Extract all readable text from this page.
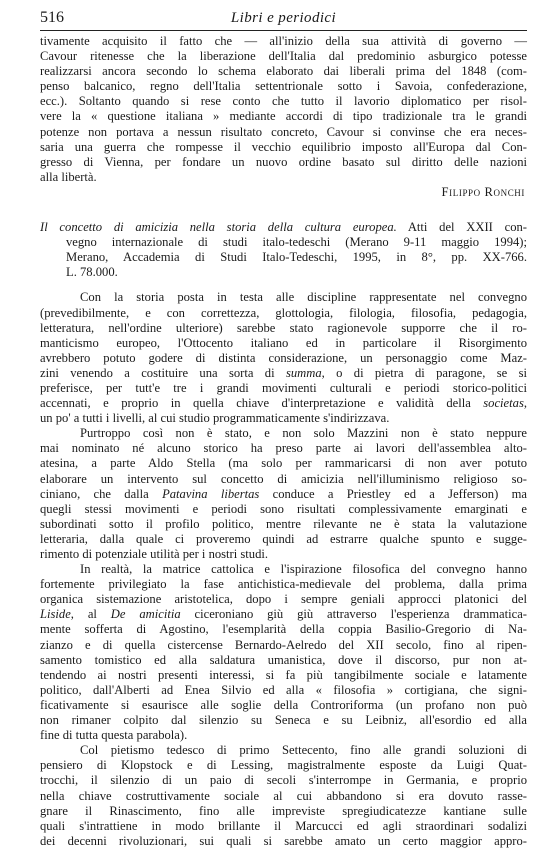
516	Libri e periodici
tivamente acquisito il fatto che — all'inizio della sua attività di governo —
Cavour ritenesse che la liberazione dell'Italia dal predominio asburgico potesse
realizzarsi ancora secondo lo schema elaborato dai liberali prima del 1848 (com-
penso balcanico, regno dell'Italia settentrionale sotto i Savoia, confederazione,
ecc.). Soltanto quando si rese conto che tutto il lavorio diplomatico per risol-
vere la « questione italiana » mediante accordi di tipo tradizionale tra le grandi
potenze non portava a nessun risultato concreto, Cavour si convinse che era neces-
saria una guerra che rompesse il vecchio equilibrio imposto all'Europa dal Con-
gresso di Vienna, per fondare un nuovo ordine basato sul diritto delle nazioni
alla libertà.
Filippo Ronchi
Il concetto di amicizia nella storia della cultura europea. Atti del XXII con-
vegno internazionale di studi italo-tedeschi (Merano 9-11 maggio 1994);
Merano, Accademia di Studi Italo-Tedeschi, 1995, in 8°, pp. XX-766.
L. 78.000.
Con la storia posta in testa alle discipline rappresentate nel convegno
(prevedibilmente, e con correttezza, glottologia, filologia, filosofia, pedagogia,
letteratura, nell'ordine ulteriore) sarebbe stato ragionevole supporre che il ro-
manticismo europeo, l'Ottocento italiano ed in particolare il Risorgimento
avrebbero potuto godere di distinta considerazione, un personaggio come Maz-
zini venendo a costituire una sorta di summa, o di pietra di paragone, se si
preferisce, per tutt'e tre i grandi movimenti culturali e periodi storico-politici
accennati, e proprio in quella chiave d'interpretazione e validità della societas,
un po' a tutti i livelli, al cui studio programmaticamente s'indirizzava.
Purtroppo così non è stato, e non solo Mazzini non è stato neppure
mai nominato né alcuno storico ha preso parte ai lavori dell'assemblea alto-
atesina, a parte Aldo Stella (ma solo per rammaricarsi di non aver potuto
elaborare un intervento sul concetto di amicizia nell'illuminismo religioso so-
ciniano, che dalla Patavina libertas conduce a Priestley ed a Jefferson) ma
quegli stessi movimenti e periodi sono risultati complessivamente emarginati e
subordinati sotto il profilo politico, mentre rilevante ne è stata la valutazione
letteraria, dalla quale ci proveremo quindi ad estrarre qualche spunto e sugge-
rimento di potenziale utilità per i nostri studi.
In realtà, la matrice cattolica e l'ispirazione filosofica del convegno hanno
fortemente privilegiato la fase antichistica-medievale del problema, dalla prima
organica sistemazione aristotelica, dopo i sempre geniali approcci platonici del
Liside, al De amicitia ciceroniano giù giù attraverso l'esperienza drammatica-
mente sofferta di Agostino, l'esemplarità della coppia Basilio-Gregorio di Na-
zianzo e di quella cistercense Bernardo-Aelredo del XII secolo, fino al ripen-
samento tomistico ed alla saldatura umanistica, dove il discorso, pur non at-
tendendo ai nostri presenti interessi, si fa più tangibilmente sociale e latamente
politico, dall'Alberti ad Enea Silvio ed alla « filosofia » cortigiana, che signi-
ficativamente si esaurisce alle soglie della Controriforma (un profano non può
non rimaner colpito dal silenzio su Seneca e su Leibniz, all'esordio ed alla
fine di tutta questa parabola).
Col pietismo tedesco di primo Settecento, fino alle grandi soluzioni di
pensiero di Klopstock e di Lessing, magistralmente esposte da Luigi Quat-
trocchi, il silenzio di un paio di secoli s'interrompe in Germania, e proprio
nella chiave costruttivamente sociale al cui abbandono si era dovuto rasse-
gnare il Rinascimento, fino alle impreviste spregiudicatezze kantiane sulle
quali s'intrattiene in modo brillante il Marcucci ed agli straordinari sodalizi
dei decenni rivoluzionari, sui quali si sarebbe amato un certo maggior appro-
